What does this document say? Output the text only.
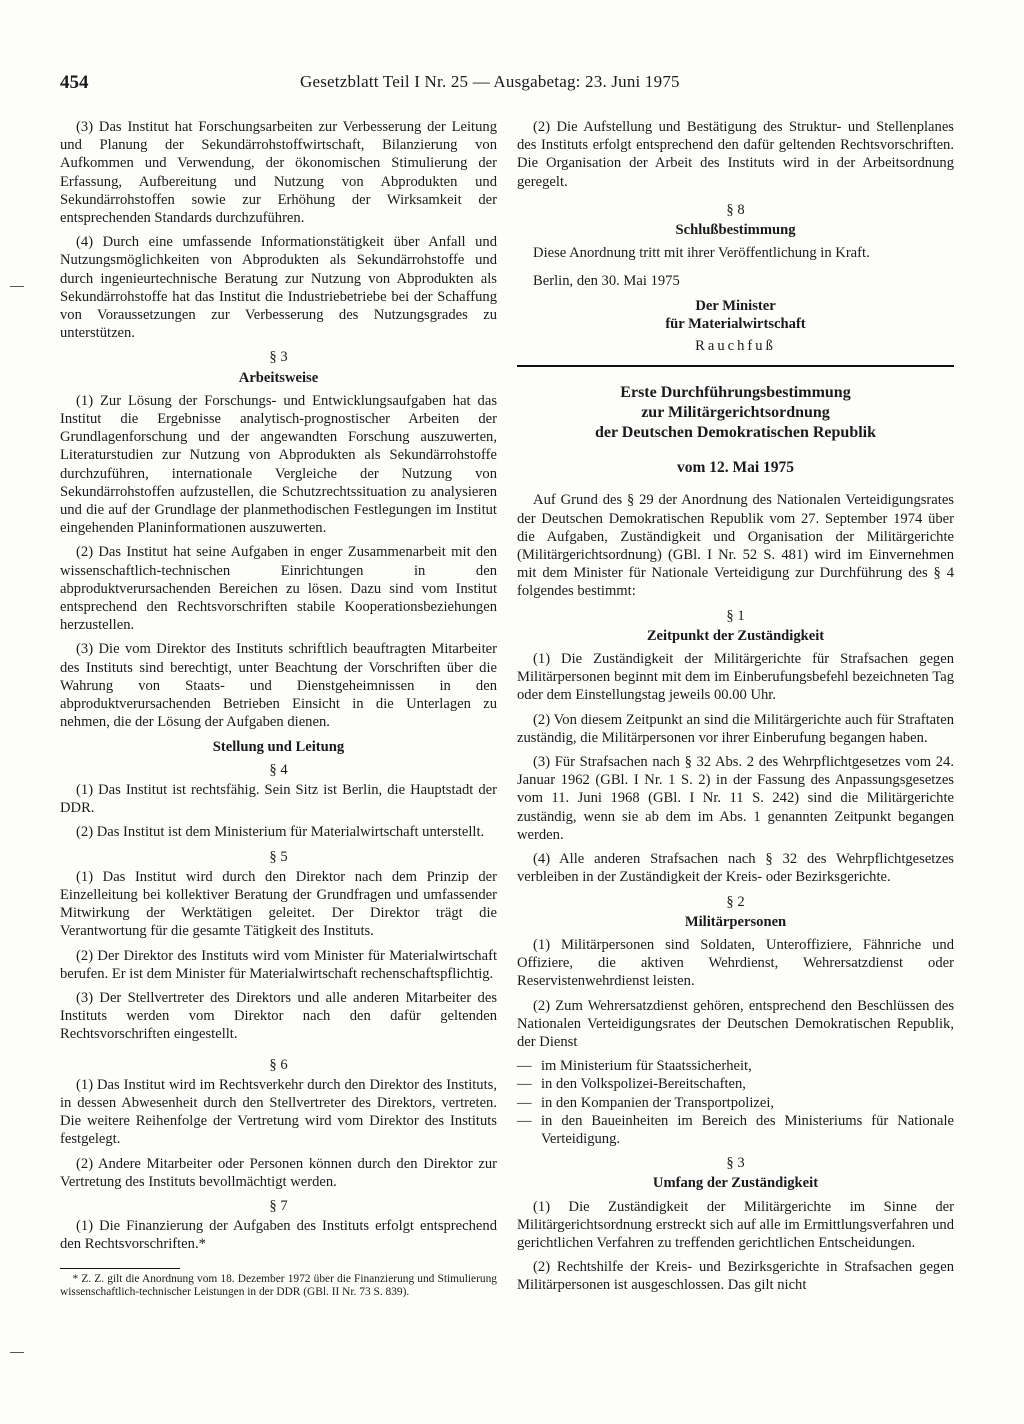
454	Gesetzblatt Teil I Nr. 25 — Ausgabetag: 23. Juni 1975

(3) Das Institut hat Forschungsarbeiten zur Verbesserung der Leitung und Planung der Sekundärrohstoffwirtschaft, Bilanzierung von Aufkommen und Verwendung, der ökonomischen Stimulierung der Erfassung, Aufbereitung und Nutzung von Abprodukten und Sekundärrohstoffen sowie zur Erhöhung der Wirksamkeit der entsprechenden Standards durchzuführen.

(4) Durch eine umfassende Informationstätigkeit über Anfall und Nutzungsmöglichkeiten von Abprodukten als Sekundärrohstoffe und durch ingenieurtechnische Beratung zur Nutzung von Abprodukten als Sekundärrohstoffe hat das Institut die Industriebetriebe bei der Schaffung von Voraussetzungen zur Verbesserung des Nutzungsgrades zu unterstützen.

§ 3
Arbeitsweise

(1) Zur Lösung der Forschungs- und Entwicklungsaufgaben hat das Institut die Ergebnisse analytisch-prognostischer Arbeiten der Grundlagenforschung und der angewandten Forschung auszuwerten, Literaturstudien zur Nutzung von Abprodukten als Sekundärrohstoffe durchzuführen, internationale Vergleiche der Nutzung von Sekundärrohstoffen aufzustellen, die Schutzrechtssituation zu analysieren und die auf der Grundlage der planmethodischen Festlegungen im Institut eingehenden Planinformationen auszuwerten.

(2) Das Institut hat seine Aufgaben in enger Zusammenarbeit mit den wissenschaftlich-technischen Einrichtungen in den abproduktverursachenden Bereichen zu lösen. Dazu sind vom Institut entsprechend den Rechtsvorschriften stabile Kooperationsbeziehungen herzustellen.

(3) Die vom Direktor des Instituts schriftlich beauftragten Mitarbeiter des Instituts sind berechtigt, unter Beachtung der Vorschriften über die Wahrung von Staats- und Dienstgeheimnissen in den abproduktverursachenden Betrieben Einsicht in die Unterlagen zu nehmen, die der Lösung der Aufgaben dienen.

Stellung und Leitung
§ 4

(1) Das Institut ist rechtsfähig. Sein Sitz ist Berlin, die Hauptstadt der DDR.

(2) Das Institut ist dem Ministerium für Materialwirtschaft unterstellt.

§ 5

(1) Das Institut wird durch den Direktor nach dem Prinzip der Einzelleitung bei kollektiver Beratung der Grundfragen und umfassender Mitwirkung der Werktätigen geleitet. Der Direktor trägt die Verantwortung für die gesamte Tätigkeit des Instituts.

(2) Der Direktor des Instituts wird vom Minister für Materialwirtschaft berufen. Er ist dem Minister für Materialwirtschaft rechenschaftspflichtig.

(3) Der Stellvertreter des Direktors und alle anderen Mitarbeiter des Instituts werden vom Direktor nach den dafür geltenden Rechtsvorschriften eingestellt.

§ 6

(1) Das Institut wird im Rechtsverkehr durch den Direktor des Instituts, in dessen Abwesenheit durch den Stellvertreter des Direktors, vertreten. Die weitere Reihenfolge der Vertretung wird vom Direktor des Instituts festgelegt.

(2) Andere Mitarbeiter oder Personen können durch den Direktor zur Vertretung des Instituts bevollmächtigt werden.

§ 7

(1) Die Finanzierung der Aufgaben des Instituts erfolgt entsprechend den Rechtsvorschriften.*

* Z. Z. gilt die Anordnung vom 18. Dezember 1972 über die Finanzierung und Stimulierung wissenschaftlich-technischer Leistungen in der DDR (GBl. II Nr. 73 S. 839).

(2) Die Aufstellung und Bestätigung des Struktur- und Stellenplanes des Instituts erfolgt entsprechend den dafür geltenden Rechtsvorschriften. Die Organisation der Arbeit des Instituts wird in der Arbeitsordnung geregelt.

§ 8
Schlußbestimmung

Diese Anordnung tritt mit ihrer Veröffentlichung in Kraft.

Berlin, den 30. Mai 1975

Der Minister
für Materialwirtschaft
Rauchfuß
Erste Durchführungsbestimmung
zur Militärgerichtsordnung
der Deutschen Demokratischen Republik
vom 12. Mai 1975

Auf Grund des § 29 der Anordnung des Nationalen Verteidigungsrates der Deutschen Demokratischen Republik vom 27. September 1974 über die Aufgaben, Zuständigkeit und Organisation der Militärgerichte (Militärgerichtsordnung) (GBl. I Nr. 52 S. 481) wird im Einvernehmen mit dem Minister für Nationale Verteidigung zur Durchführung des § 4 folgendes bestimmt:

§ 1
Zeitpunkt der Zuständigkeit

(1) Die Zuständigkeit der Militärgerichte für Strafsachen gegen Militärpersonen beginnt mit dem im Einberufungsbefehl bezeichneten Tag oder dem Einstellungstag jeweils 00.00 Uhr.

(2) Von diesem Zeitpunkt an sind die Militärgerichte auch für Straftaten zuständig, die Militärpersonen vor ihrer Einberufung begangen haben.

(3) Für Strafsachen nach § 32 Abs. 2 des Wehrpflichtgesetzes vom 24. Januar 1962 (GBl. I Nr. 1 S. 2) in der Fassung des Anpassungsgesetzes vom 11. Juni 1968 (GBl. I Nr. 11 S. 242) sind die Militärgerichte zuständig, wenn sie ab dem im Abs. 1 genannten Zeitpunkt begangen werden.

(4) Alle anderen Strafsachen nach § 32 des Wehrpflichtgesetzes verbleiben in der Zuständigkeit der Kreis- oder Bezirksgerichte.

§ 2
Militärpersonen

(1) Militärpersonen sind Soldaten, Unteroffiziere, Fähnriche und Offiziere, die aktiven Wehrdienst, Wehrersatzdienst oder Reservistenwehrdienst leisten.

(2) Zum Wehrersatzdienst gehören, entsprechend den Beschlüssen des Nationalen Verteidigungsrates der Deutschen Demokratischen Republik, der Dienst

— im Ministerium für Staatssicherheit,
— in den Volkspolizei-Bereitschaften,
— in den Kompanien der Transportpolizei,
— in den Baueinheiten im Bereich des Ministeriums für Nationale Verteidigung.
§ 3
Umfang der Zuständigkeit

(1) Die Zuständigkeit der Militärgerichte im Sinne der Militärgerichtsordnung erstreckt sich auf alle im Ermittlungsverfahren und gerichtlichen Verfahren zu treffenden gerichtlichen Entscheidungen.

(2) Rechtshilfe der Kreis- und Bezirksgerichte in Strafsachen gegen Militärpersonen ist ausgeschlossen. Das gilt nicht
